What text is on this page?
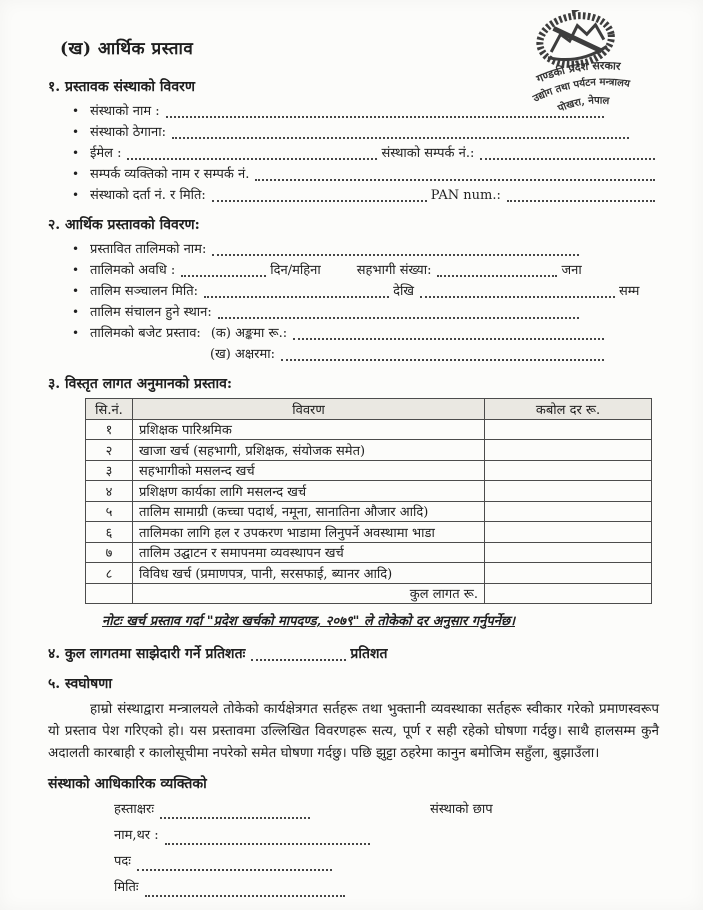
गण्डकी प्रदेश सरकार
उद्योग तथा पर्यटन मन्त्रालय
पोखरा, नेपाल
(ख) आर्थिक प्रस्ताव
१. प्रस्तावक संस्थाको विवरण
• संस्थाको नाम :
• संस्थाको ठेगाना:
• ईमेल :	संस्थाको सम्पर्क नं.:
• सम्पर्क व्यक्तिको नाम र सम्पर्क नं.
• संस्थाको दर्ता नं. र मिति:	PAN num.:
२. आर्थिक प्रस्तावको विवरण:
• प्रस्तावित तालिमको नाम:
• तालिमको अवधि :	दिन/महिना	सहभागी संख्या:	जना
• तालिम सञ्चालन मिति:	देखि	सम्म
• तालिम संचालन हुने स्थान:
• तालिमको बजेट प्रस्ताव: (क) अङ्कमा रू.:
(ख) अक्षरमा:
३. विस्तृत लागत अनुमानको प्रस्ताव:
सि.नं.	विवरण	कबोल दर रू.
१	प्रशिक्षक पारिश्रमिक	
२	खाजा खर्च (सहभागी, प्रशिक्षक, संयोजक समेत)	
३	सहभागीको मसलन्द खर्च	
४	प्रशिक्षण कार्यका लागि मसलन्द खर्च	
५	तालिम सामाग्री (कच्चा पदार्थ, नमूना, सानातिना औजार आदि)	
६	तालिमका लागि हल र उपकरण भाडामा लिनुपर्ने अवस्थामा भाडा	
७	तालिम उद्घाटन र समापनमा व्यवस्थापन खर्च	
८	विविध खर्च (प्रमाणपत्र, पानी, सरसफाई, ब्यानर आदि)	
	कुल लागत रू.	
नोटः खर्च प्रस्ताव गर्दा "प्रदेश खर्चको मापदण्ड, २०७९" ले तोकेको दर अनुसार गर्नुपर्नेछ।
४. कुल लागतमा साझेदारी गर्ने प्रतिशतः	प्रतिशत
५. स्वघोषणा
हाम्रो संस्थाद्वारा मन्त्रालयले तोकेको कार्यक्षेत्रगत सर्तहरू तथा भुक्तानी व्यवस्थाका सर्तहरू स्वीकार गरेको प्रमाणस्वरूप यो प्रस्ताव पेश गरिएको हो। यस प्रस्तावमा उल्लिखित विवरणहरू सत्य, पूर्ण र सही रहेको घोषणा गर्दछु। साथै हालसम्म कुनै अदालती कारबाही र कालोसूचीमा नपरेको समेत घोषणा गर्दछु। पछि झुट्टा ठहरेमा कानुन बमोजिम सहुँला, बुझाउँला।
संस्थाको आधिकारिक व्यक्तिको
हस्ताक्षरः	संस्थाको छाप
नाम,थर :
पदः
मितिः
